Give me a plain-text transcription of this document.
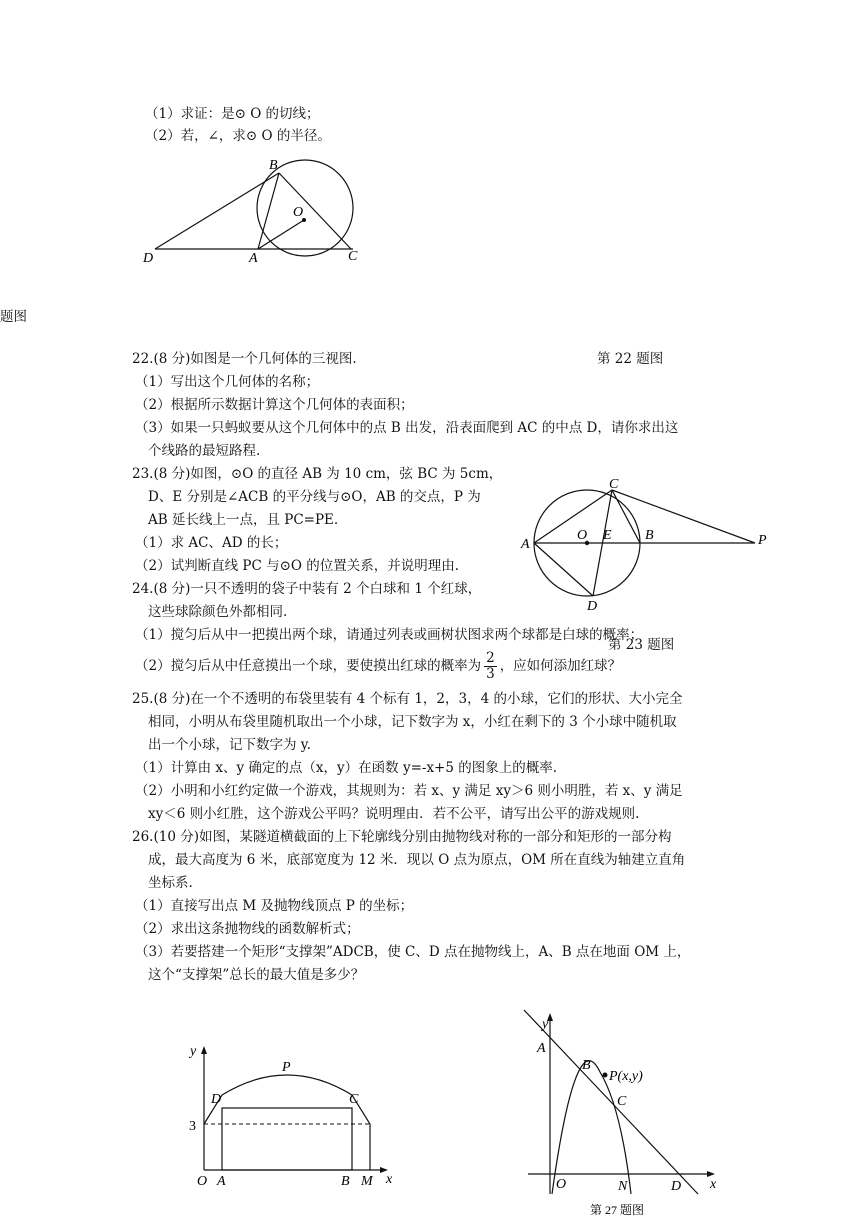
（1）求证：是⊙ O 的切线；
（2）若，∠，求⊙ O 的半径。
B
O
D	A	C
题图
22.(8 分)如图是一个几何体的三视图.	第 22 题图
（1）写出这个几何体的名称；
（2）根据所示数据计算这个几何体的表面积；
（3）如果一只蚂蚁要从这个几何体中的点 B 出发，沿表面爬到 AC 的中点 D，请你求出这
个线路的最短路程.
23.(8 分)如图，⊙O 的直径 AB 为 10 cm，弦 BC 为 5cm，
D、E 分别是∠ACB 的平分线与⊙O，AB 的交点，P 为
AB 延长线上一点，且 PC=PE.
（1）求 AC、AD 的长；
（2）试判断直线 PC 与⊙O 的位置关系，并说明理由.
C
A
O E B	P
D
24.(8 分)一只不透明的袋子中装有 2 个白球和 1 个红球，
这些球除颜色外都相同.
（1）搅匀后从中一把摸出两个球，请通过列表或画树状图求两个球都是白球的概率；
第 23 题图
（2）搅匀后从中任意摸出一个球，要使摸出红球的概率为 $\frac{2}{3}$ ，应如何添加红球？
25.(8 分)在一个不透明的布袋里装有 4 个标有 1，2，3，4 的小球，它们的形状、大小完全
相同，小明从布袋里随机取出一个小球，记下数字为 x，小红在剩下的 3 个小球中随机取
出一个小球，记下数字为 y.
（1）计算由 x、y 确定的点（x，y）在函数 y=-x+5 的图象上的概率.
（2）小明和小红约定做一个游戏，其规则为：若 x、y 满足 xy＞6 则小明胜，若 x、y 满足
xy＜6 则小红胜，这个游戏公平吗？说明理由．若不公平，请写出公平的游戏规则.
26.(10 分)如图，某隧道横截面的上下轮廓线分别由抛物线对称的一部分和矩形的一部分构
成，最大高度为 6 米，底部宽度为 12 米．现以 O 点为原点，OM 所在直线为轴建立直角
坐标系.
（1）直接写出点 M 及抛物线顶点 P 的坐标；
（2）求出这条抛物线的函数解析式；
（3）若要搭建一个矩形“支撑架”ADCB，使 C、D 点在抛物线上，A、B 点在地面 OM 上，
这个“支撑架”总长的最大值是多少？
y
P
D	C
3
O A	B M x
y
A
B
P(x,y)
C
O	N	D x
第 27 题图
